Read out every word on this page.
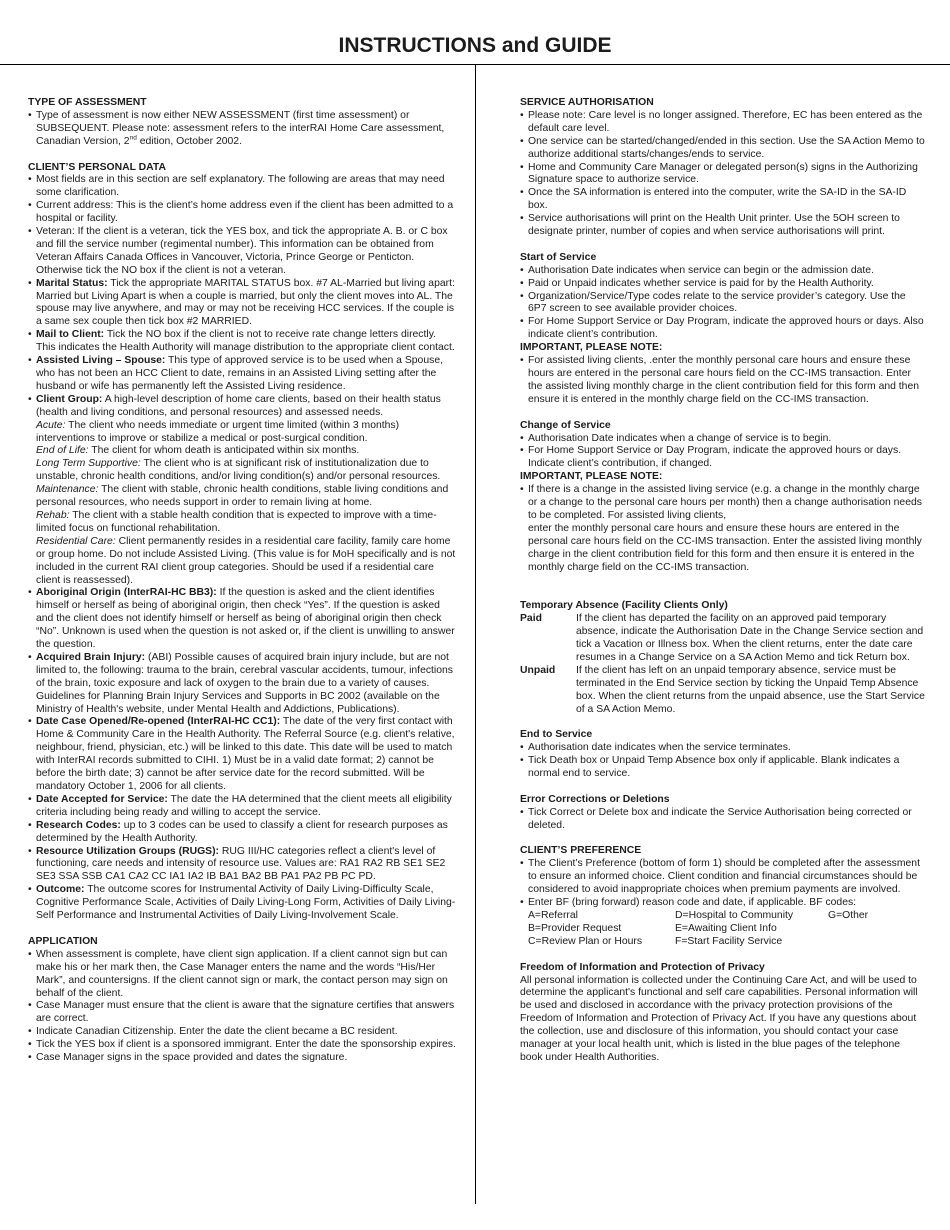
INSTRUCTIONS and GUIDE
TYPE OF ASSESSMENT
• Type of assessment is now either NEW ASSESSMENT (first time assessment) or SUBSEQUENT. Please note: assessment refers to the interRAI Home Care assessment, Canadian Version, 2nd edition, October 2002.
CLIENT’S PERSONAL DATA
• Most fields are in this section are self explanatory. The following are areas that may need some clarification.
• Current address: This is the client’s home address even if the client has been admitted to a hospital or facility.
• Veteran: If the client is a veteran, tick the YES box, and tick the appropriate A. B. or C box and fill the service number (regimental number). This information can be obtained from Veteran Affairs Canada Offices in Vancouver, Victoria, Prince George or Penticton. Otherwise tick the NO box if the client is not a veteran.
• Marital Status: Tick the appropriate MARITAL STATUS box. #7 AL-Married but living apart: Married but Living Apart is when a couple is married, but only the client moves into AL. The spouse may live anywhere, and may or may not be receiving HCC services. If the couple is a same sex couple then tick box #2 MARRIED.
• Mail to Client: Tick the NO box if the client is not to receive rate change letters directly. This indicates the Health Authority will manage distribution to the appropriate client contact.
• Assisted Living – Spouse: This type of approved service is to be used when a Spouse, who has not been an HCC Client to date, remains in an Assisted Living setting after the husband or wife has permanently left the Assisted Living residence.
• Client Group: A high-level description of home care clients, based on their health status (health and living conditions, and personal resources) and assessed needs.
Acute: The client who needs immediate or urgent time limited (within 3 months) interventions to improve or stabilize a medical or post-surgical condition.
End of Life: The client for whom death is anticipated within six months.
Long Term Supportive: The client who is at significant risk of institutionalization due to unstable, chronic health conditions, and/or living condition(s) and/or personal resources.
Maintenance: The client with stable, chronic health conditions, stable living conditions and personal resources, who needs support in order to remain living at home.
Rehab: The client with a stable health condition that is expected to improve with a time-limited focus on functional rehabilitation.
Residential Care: Client permanently resides in a residential care facility, family care home or group home. Do not include Assisted Living. (This value is for MoH specifically and is not included in the current RAI client group categories. Should be used if a residential care client is reassessed).
• Aboriginal Origin (InterRAI-HC BB3): If the question is asked and the client identifies himself or herself as being of aboriginal origin, then check “Yes”. If the question is asked and the client does not identify himself or herself as being of aboriginal origin then check “No”. Unknown is used when the question is not asked or, if the client is unwilling to answer the question.
• Acquired Brain Injury: (ABI) Possible causes of acquired brain injury include, but are not limited to, the following: trauma to the brain, cerebral vascular accidents, tumour, infections of the brain, toxic exposure and lack of oxygen to the brain due to a variety of causes. Guidelines for Planning Brain Injury Services and Supports in BC 2002 (available on the Ministry of Health's website, under Mental Health and Addictions, Publications).
• Date Case Opened/Re-opened (InterRAI-HC CC1): The date of the very first contact with Home & Community Care in the Health Authority. The Referral Source (e.g. client's relative, neighbour, friend, physician, etc.) will be linked to this date. This date will be used to match with InterRAI records submitted to CIHI. 1) Must be in a valid date format; 2) cannot be before the birth date; 3) cannot be after service date for the record submitted. Will be mandatory October 1, 2006 for all clients.
• Date Accepted for Service: The date the HA determined that the client meets all eligibility criteria including being ready and willing to accept the service.
• Research Codes: up to 3 codes can be used to classify a client for research purposes as determined by the Health Authority.
• Resource Utilization Groups (RUGS): RUG III/HC categories reflect a client's level of functioning, care needs and intensity of resource use. Values are: RA1 RA2 RB SE1 SE2 SE3 SSA SSB CA1 CA2 CC IA1 IA2 IB BA1 BA2 BB PA1 PA2 PB PC PD.
• Outcome: The outcome scores for Instrumental Activity of Daily Living-Difficulty Scale, Cognitive Performance Scale, Activities of Daily Living-Long Form, Activities of Daily Living-Self Performance and Instrumental Activities of Daily Living-Involvement Scale.
APPLICATION
• When assessment is complete, have client sign application. If a client cannot sign but can make his or her mark then, the Case Manager enters the name and the words “His/Her Mark”, and countersigns. If the client cannot sign or mark, the contact person may sign on behalf of the client.
• Case Manager must ensure that the client is aware that the signature certifies that answers are correct.
• Indicate Canadian Citizenship. Enter the date the client became a BC resident.
• Tick the YES box if client is a sponsored immigrant. Enter the date the sponsorship expires.
• Case Manager signs in the space provided and dates the signature.
SERVICE AUTHORISATION
• Please note: Care level is no longer assigned. Therefore, EC has been entered as the default care level.
• One service can be started/changed/ended in this section. Use the SA Action Memo to authorize additional starts/changes/ends to service.
• Home and Community Care Manager or delegated person(s) signs in the Authorizing Signature space to authorize service.
• Once the SA information is entered into the computer, write the SA-ID in the SA-ID box.
• Service authorisations will print on the Health Unit printer. Use the 5OH screen to designate printer, number of copies and when service authorisations will print.
Start of Service
• Authorisation Date indicates when service can begin or the admission date.
• Paid or Unpaid indicates whether service is paid for by the Health Authority.
• Organization/Service/Type codes relate to the service provider’s category. Use the 6P7 screen to see available provider choices.
• For Home Support Service or Day Program, indicate the approved hours or days. Also indicate client’s contribution.
IMPORTANT, PLEASE NOTE:
• For assisted living clients, .enter the monthly personal care hours and ensure these hours are entered in the personal care hours field on the CC-IMS transaction. Enter the assisted living monthly charge in the client contribution field for this form and then ensure it is entered in the monthly charge field on the CC-IMS transaction.
Change of Service
• Authorisation Date indicates when a change of service is to begin.
• For Home Support Service or Day Program, indicate the approved hours or days. Indicate client’s contribution, if changed.
IMPORTANT, PLEASE NOTE:
• If there is a change in the assisted living service (e.g. a change in the monthly charge or a change to the personal care hours per month) then a change authorisation needs to be completed. For assisted living clients,
enter the monthly personal care hours and ensure these hours are entered in the personal care hours field on the CC-IMS transaction. Enter the assisted living monthly charge in the client contribution field for this form and then ensure it is entered in the monthly charge field on the CC-IMS transaction.
Temporary Absence (Facility Clients Only)
Paid	If the client has departed the facility on an approved paid temporary absence, indicate the Authorisation Date in the Change Service section and tick a Vacation or Illness box. When the client returns, enter the date care resumes in a Change Service on a SA Action Memo and tick Return box.
Unpaid	If the client has left on an unpaid temporary absence, service must be terminated in the End Service section by ticking the Unpaid Temp Absence box. When the client returns from the unpaid absence, use the Start Service of a SA Action Memo.
End to Service
• Authorisation date indicates when the service terminates.
• Tick Death box or Unpaid Temp Absence box only if applicable. Blank indicates a normal end to service.
Error Corrections or Deletions
• Tick Correct or Delete box and indicate the Service Authorisation being corrected or deleted.
CLIENT’S PREFERENCE
• The Client’s Preference (bottom of form 1) should be completed after the assessment to ensure an informed choice. Client condition and financial circumstances should be considered to avoid inappropriate choices when premium payments are involved.
• Enter BF (bring forward) reason code and date, if applicable. BF codes:
A=Referral	D=Hospital to Community	G=Other
B=Provider Request	E=Awaiting Client Info
C=Review Plan or Hours	F=Start Facility Service
Freedom of Information and Protection of Privacy
All personal information is collected under the Continuing Care Act, and will be used to determine the applicant's functional and self care capabilities. Personal information will be used and disclosed in accordance with the privacy protection provisions of the Freedom of Information and Protection of Privacy Act. If you have any questions about the collection, use and disclosure of this information, you should contact your case manager at your local health unit, which is listed in the blue pages of the telephone book under Health Authorities.
